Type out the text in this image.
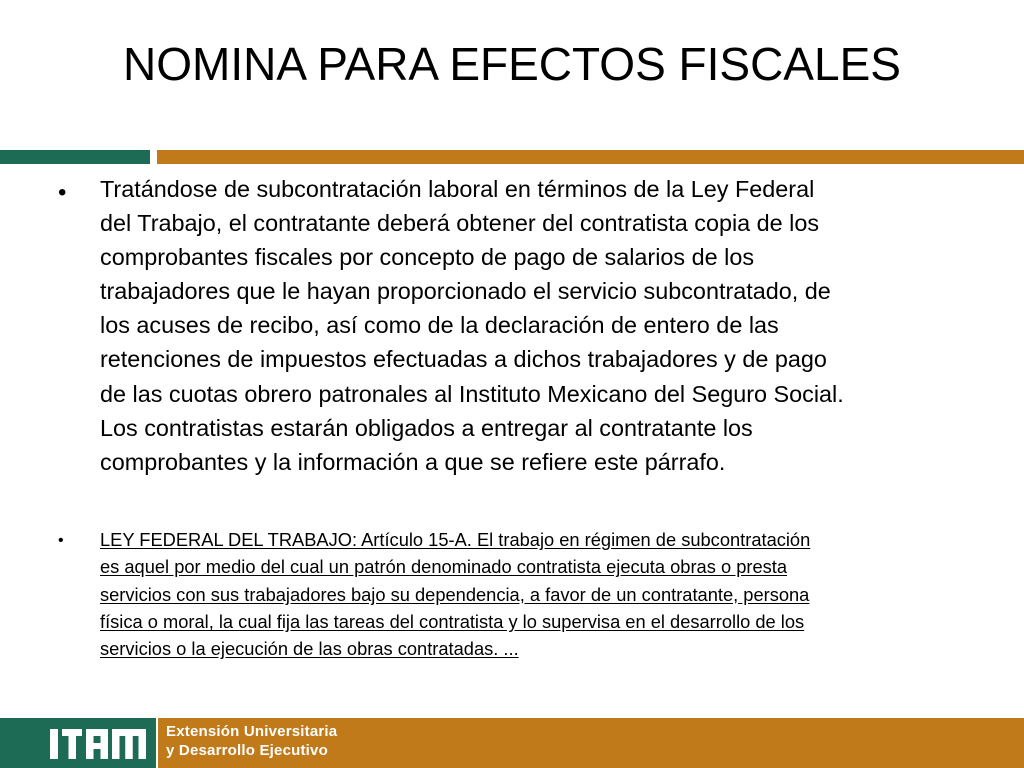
NOMINA PARA EFECTOS FISCALES
• Tratándose de subcontratación laboral en términos de la Ley Federal
del Trabajo, el contratante deberá obtener del contratista copia de los
comprobantes fiscales por concepto de pago de salarios de los
trabajadores que le hayan proporcionado el servicio subcontratado, de
los acuses de recibo, así como de la declaración de entero de las
retenciones de impuestos efectuadas a dichos trabajadores y de pago
de las cuotas obrero patronales al Instituto Mexicano del Seguro Social.
Los contratistas estarán obligados a entregar al contratante los
comprobantes y la información a que se refiere este párrafo.
• LEY FEDERAL DEL TRABAJO: Artículo 15-A. El trabajo en régimen de subcontratación
es aquel por medio del cual un patrón denominado contratista ejecuta obras o presta
servicios con sus trabajadores bajo su dependencia, a favor de un contratante, persona
física o moral, la cual fija las tareas del contratista y lo supervisa en el desarrollo de los
servicios o la ejecución de las obras contratadas. ...
Extensión Universitaria
y Desarrollo Ejecutivo
